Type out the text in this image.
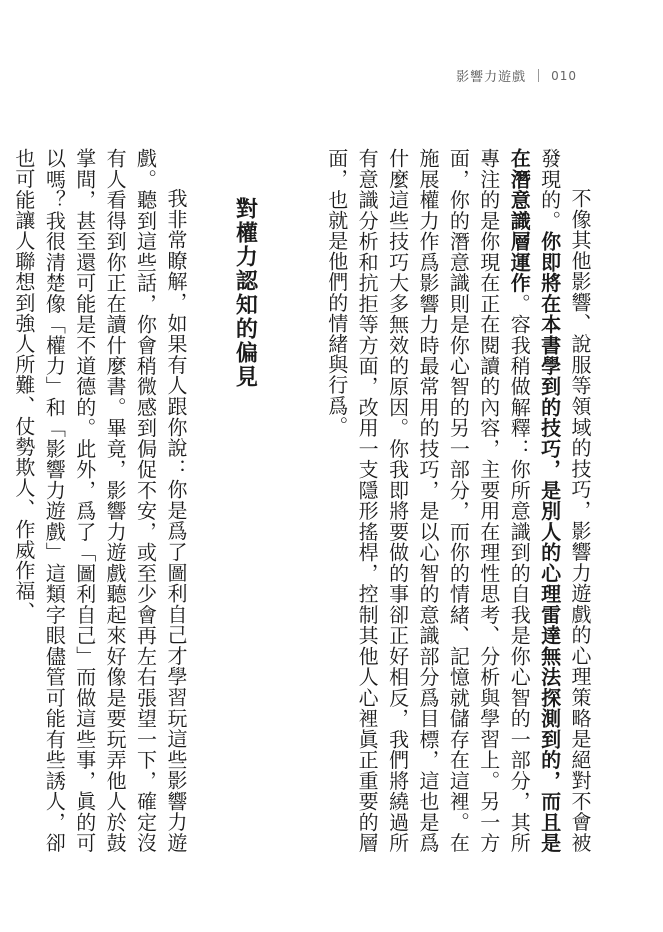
影響力遊戲 010

不像其他影響、說服等領域的技巧，影響力遊戲的心理策略是絕對不會被發現的。你即將在本書學到的技巧，是別人的心理雷達無法探測到的，而且是在潛意識層運作。容我稍做解釋：你所意識到的自我是你心智的一部分，其所專注的是你現在正在閱讀的內容，主要用在理性思考、分析與學習上。另一方面，你的潛意識則是你心智的另一部分，而你的情緒、記憶就儲存在這裡。在施展權力作爲影響力時最常用的技巧，是以心智的意識部分爲目標，這也是爲什麼這些技巧大多無效的原因。你我即將要做的事卻正好相反，我們將繞過所有意識分析和抗拒等方面，改用一支隱形搖桿，控制其他人心裡眞正重要的層面，也就是他們的情緒與行爲。

對權力認知的偏見

我非常瞭解，如果有人跟你說：你是爲了圖利自己才學習玩這些影響力遊戲。聽到這些話，你會稍微感到侷促不安，或至少會再左右張望一下，確定沒有人看得到你正在讀什麼書。畢竟，影響力遊戲聽起來好像是要玩弄他人於鼓掌間，甚至還可能是不道德的。此外，爲了「圖利自己」而做這些事，眞的可以嗎？我很清楚像「權力」和「影響力遊戲」這類字眼儘管可能有些誘人，卻也可能讓人聯想到強人所難、仗勢欺人、作威作福、
